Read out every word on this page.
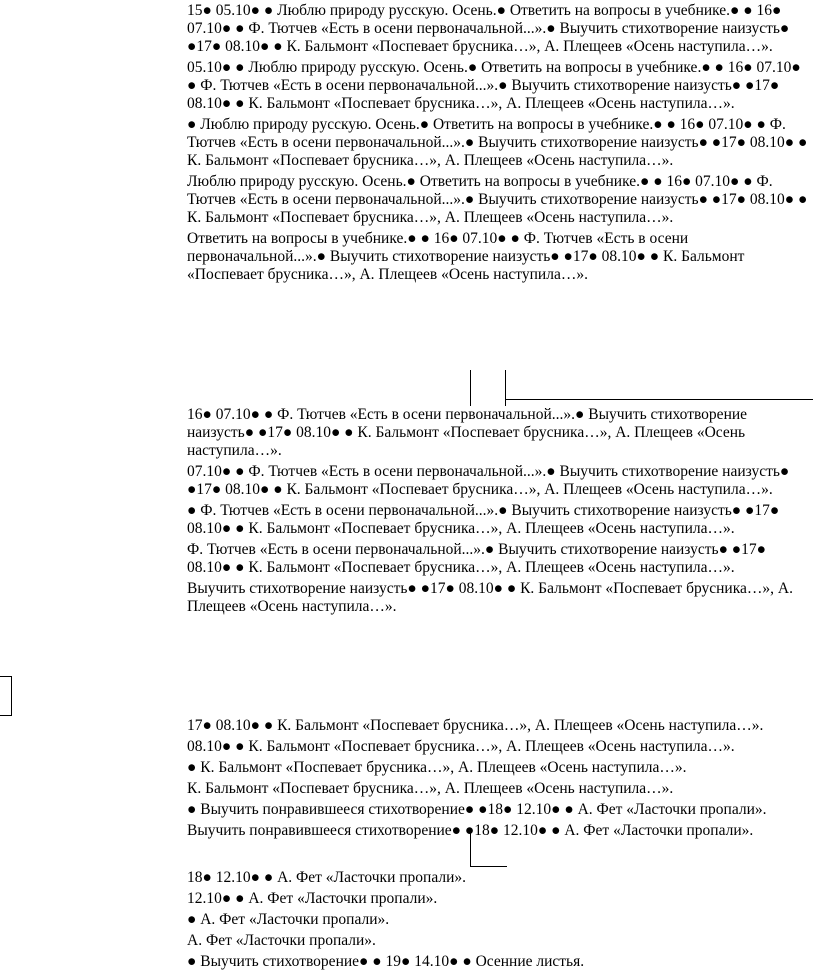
15● 05.10● ● Люблю природу русскую. Осень.● Ответить на вопросы в учебнике.● ● 16● 07.10● ● Ф. Тютчев «Есть в осени первоначальной...».● Выучить стихотворение наизусть● ●17● 08.10● ● К. Бальмонт «Поспевает брусника…», А. Плещеев «Осень наступила…».

05.10● ● Люблю природу русскую. Осень.● Ответить на вопросы в учебнике.● ● 16● 07.10● ● Ф. Тютчев «Есть в осени первоначальной...».● Выучить стихотворение наизусть● ●17● 08.10● ● К. Бальмонт «Поспевает брусника…», А. Плещеев «Осень наступила…».

● Люблю природу русскую. Осень.● Ответить на вопросы в учебнике.● ● 16● 07.10● ● Ф. Тютчев «Есть в осени первоначальной...».● Выучить стихотворение наизусть● ●17● 08.10● ● К. Бальмонт «Поспевает брусника…», А. Плещеев «Осень наступила…».

Люблю природу русскую. Осень.● Ответить на вопросы в учебнике.● ● 16● 07.10● ● Ф. Тютчев «Есть в осени первоначальной...».● Выучить стихотворение наизусть● ●17● 08.10● ● К. Бальмонт «Поспевает брусника…», А. Плещеев «Осень наступила…».

Ответить на вопросы в учебнике.● ● 16● 07.10● ● Ф. Тютчев «Есть в осени первоначальной...».● Выучить стихотворение наизусть● ●17● 08.10● ● К. Бальмонт «Поспевает брусника…», А. Плещеев «Осень наступила…».

16● 07.10● ● Ф. Тютчев «Есть в осени первоначальной...».● Выучить стихотворение наизусть● ●17● 08.10● ● К. Бальмонт «Поспевает брусника…», А. Плещеев «Осень наступила…».

07.10● ● Ф. Тютчев «Есть в осени первоначальной...».● Выучить стихотворение наизусть● ●17● 08.10● ● К. Бальмонт «Поспевает брусника…», А. Плещеев «Осень наступила…».

● Ф. Тютчев «Есть в осени первоначальной...».● Выучить стихотворение наизусть● ●17● 08.10● ● К. Бальмонт «Поспевает брусника…», А. Плещеев «Осень наступила…».

Ф. Тютчев «Есть в осени первоначальной...».● Выучить стихотворение наизусть● ●17● 08.10● ● К. Бальмонт «Поспевает брусника…», А. Плещеев «Осень наступила…».

Выучить стихотворение наизусть● ●17● 08.10● ● К. Бальмонт «Поспевает брусника…», А. Плещеев «Осень наступила…».

17● 08.10● ● К. Бальмонт «Поспевает брусника…», А. Плещеев «Осень наступила…».

08.10● ● К. Бальмонт «Поспевает брусника…», А. Плещеев «Осень наступила…».

● К. Бальмонт «Поспевает брусника…», А. Плещеев «Осень наступила…».

К. Бальмонт «Поспевает брусника…», А. Плещеев «Осень наступила…».

● Выучить понравившееся стихотворение● ●18● 12.10● ● А. Фет «Ласточки пропали».

Выучить понравившееся стихотворение● ●18● 12.10● ● А. Фет «Ласточки пропали».

18● 12.10● ● А. Фет «Ласточки пропали».

12.10● ● А. Фет «Ласточки пропали».

● А. Фет «Ласточки пропали».

А. Фет «Ласточки пропали».

● Выучить стихотворение● ● 19● 14.10● ● Осенние листья.
